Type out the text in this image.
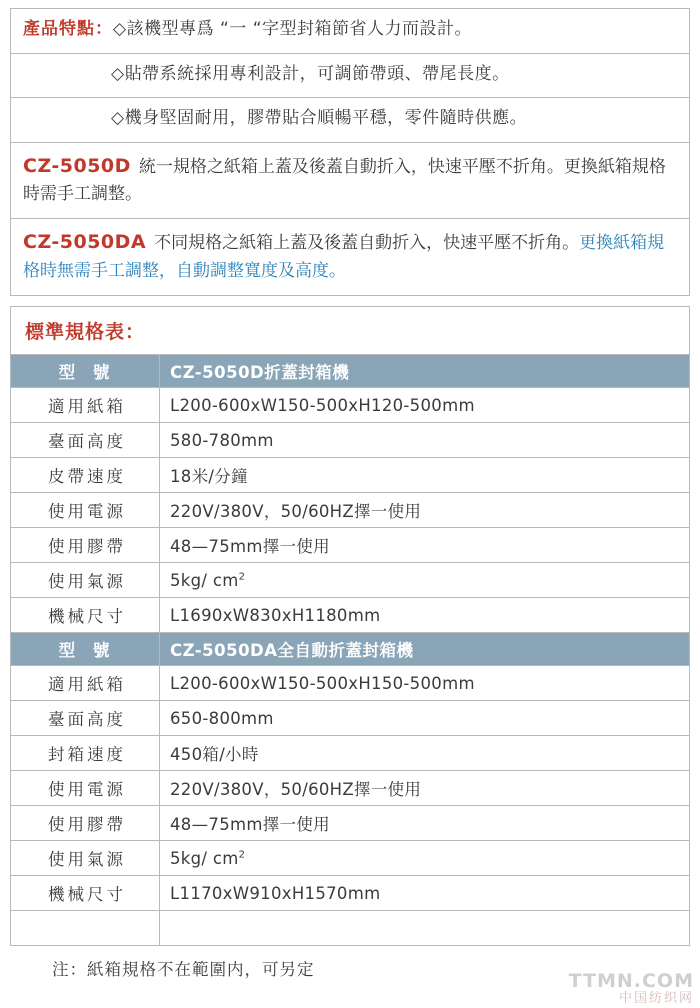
產品特點：◇該機型專爲 “一 “字型封箱節省人力而設計。
◇貼帶系統採用專利設計，可調節帶頭、帶尾長度。
◇機身堅固耐用，膠帶貼合順暢平穩，零件隨時供應。
CZ-5050D 統一規格之紙箱上蓋及後蓋自動折入，快速平壓不折角。更換紙箱規格時需手工調整。
CZ-5050DA 不同規格之紙箱上蓋及後蓋自動折入，快速平壓不折角。更換紙箱規格時無需手工調整，自動調整寬度及高度。
標準規格表：
型 號	CZ-5050D折蓋封箱機
適用紙箱	L200-600xW150-500xH120-500mm
臺面高度	580-780mm
皮帶速度	18米/分鐘
使用電源	220V/380V，50/60HZ擇一使用
使用膠帶	48—75mm擇一使用
使用氣源	5kg/ $cm^2$
機械尺寸	L1690xW830xH1180mm
型 號	CZ-5050DA全自動折蓋封箱機
適用紙箱	L200-600xW150-500xH150-500mm
臺面高度	650-800mm
封箱速度	450箱/小時
使用電源	220V/380V，50/60HZ擇一使用
使用膠帶	48—75mm擇一使用
使用氣源	5kg/ $cm^2$
機械尺寸	L1170xW910xH1570mm

注：紙箱規格不在範圍内，可另定
TTMN.COM
中国纺织网
